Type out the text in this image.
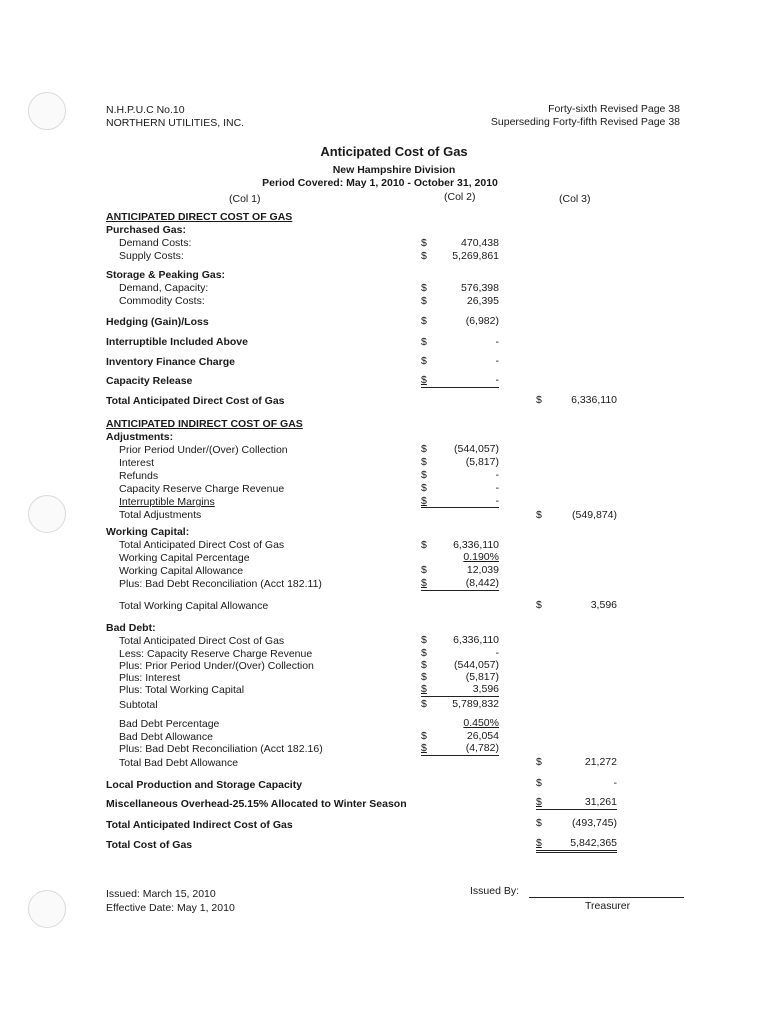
N.H.P.U.C No.10
NORTHERN UTILITIES, INC.
Forty-sixth Revised Page 38
Superseding Forty-fifth Revised Page 38
Anticipated Cost of Gas
New Hampshire Division
Period Covered: May 1, 2010 - October 31, 2010
(Col 1)	(Col 2)	(Col 3)
ANTICIPATED DIRECT COST OF GAS
Purchased Gas:
Demand Costs:	$	470,438
Supply Costs:	$ 5,269,861
Storage & Peaking Gas:
Demand, Capacity:	$	576,398
Commodity Costs:	$	26,395
Hedging (Gain)/Loss	$	(6,982)
Interruptible Included Above	$	-
Inventory Finance Charge	$	-
Capacity Release	$	-
Total Anticipated Direct Cost of Gas	$	6,336,110
ANTICIPATED INDIRECT COST OF GAS
Adjustments:
Prior Period Under/(Over) Collection	$	(544,057)
Interest	$	(5,817)
Refunds	$	-
Capacity Reserve Charge Revenue	$	-
Interruptible Margins	$	-
Total Adjustments	$	(549,874)
Working Capital:
Total Anticipated Direct Cost of Gas	$ 6,336,110
Working Capital Percentage	0.190%
Working Capital Allowance	$	12,039
Plus: Bad Debt Reconciliation (Acct 182.11)	$	(8,442)
Total Working Capital Allowance	$	3,596
Bad Debt:
Total Anticipated Direct Cost of Gas	$ 6,336,110
Less: Capacity Reserve Charge Revenue	$	-
Plus: Prior Period Under/(Over) Collection	$	(544,057)
Plus: Interest	$	(5,817)
Plus: Total Working Capital	$	3,596
Subtotal	$ 5,789,832
Bad Debt Percentage	0.450%
Bad Debt Allowance	$	26,054
Plus: Bad Debt Reconciliation (Acct 182.16)	$	(4,782)
Total Bad Debt Allowance	$	21,272
Local Production and Storage Capacity	$	-
Miscellaneous Overhead-25.15% Allocated to Winter Season	$	31,261
Total Anticipated Indirect Cost of Gas	$	(493,745)
Total Cost of Gas	$	5,842,365
Issued: March 15, 2010
Effective Date: May 1, 2010
Issued By:
Treasurer
